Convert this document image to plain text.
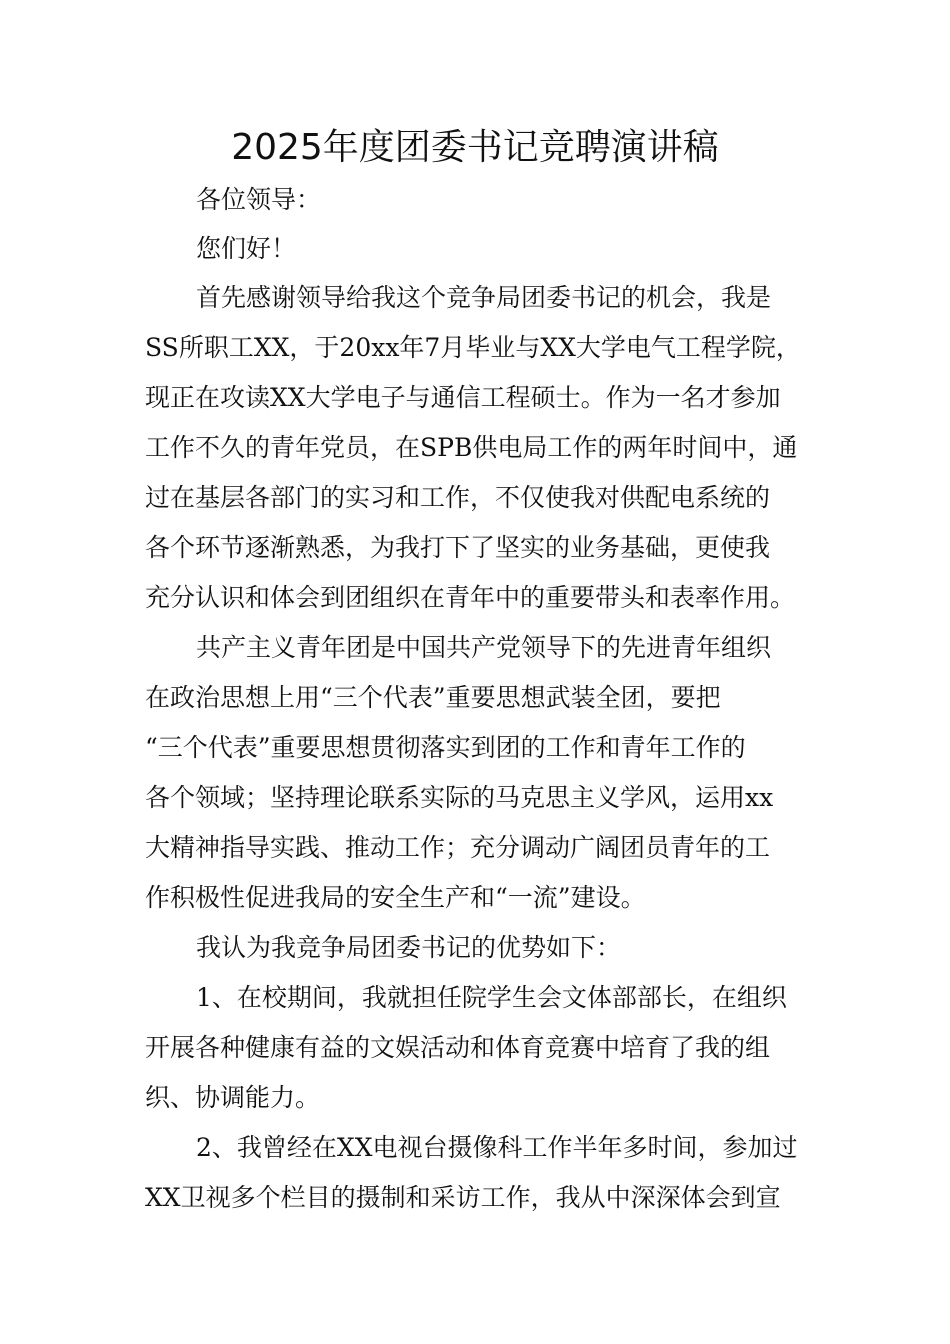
2025年度团委书记竞聘演讲稿
各位领导：
您们好！
首先感谢领导给我这个竞争局团委书记的机会，我是
SS所职工XX，于20xx年7月毕业与XX大学电气工程学院，
现正在攻读XX大学电子与通信工程硕士。作为一名才参加
工作不久的青年党员，在SPB供电局工作的两年时间中，通
过在基层各部门的实习和工作，不仅使我对供配电系统的
各个环节逐渐熟悉，为我打下了坚实的业务基础，更使我
充分认识和体会到团组织在青年中的重要带头和表率作用。
共产主义青年团是中国共产党领导下的先进青年组织
在政治思想上用“三个代表”重要思想武装全团，要把
“三个代表”重要思想贯彻落实到团的工作和青年工作的
各个领域；坚持理论联系实际的马克思主义学风，运用xx
大精神指导实践、推动工作；充分调动广阔团员青年的工
作积极性促进我局的安全生产和“一流”建设。
我认为我竞争局团委书记的优势如下：
1、在校期间，我就担任院学生会文体部部长，在组织
开展各种健康有益的文娱活动和体育竞赛中培育了我的组
织、协调能力。
2、我曾经在XX电视台摄像科工作半年多时间，参加过
XX卫视多个栏目的摄制和采访工作，我从中深深体会到宣
